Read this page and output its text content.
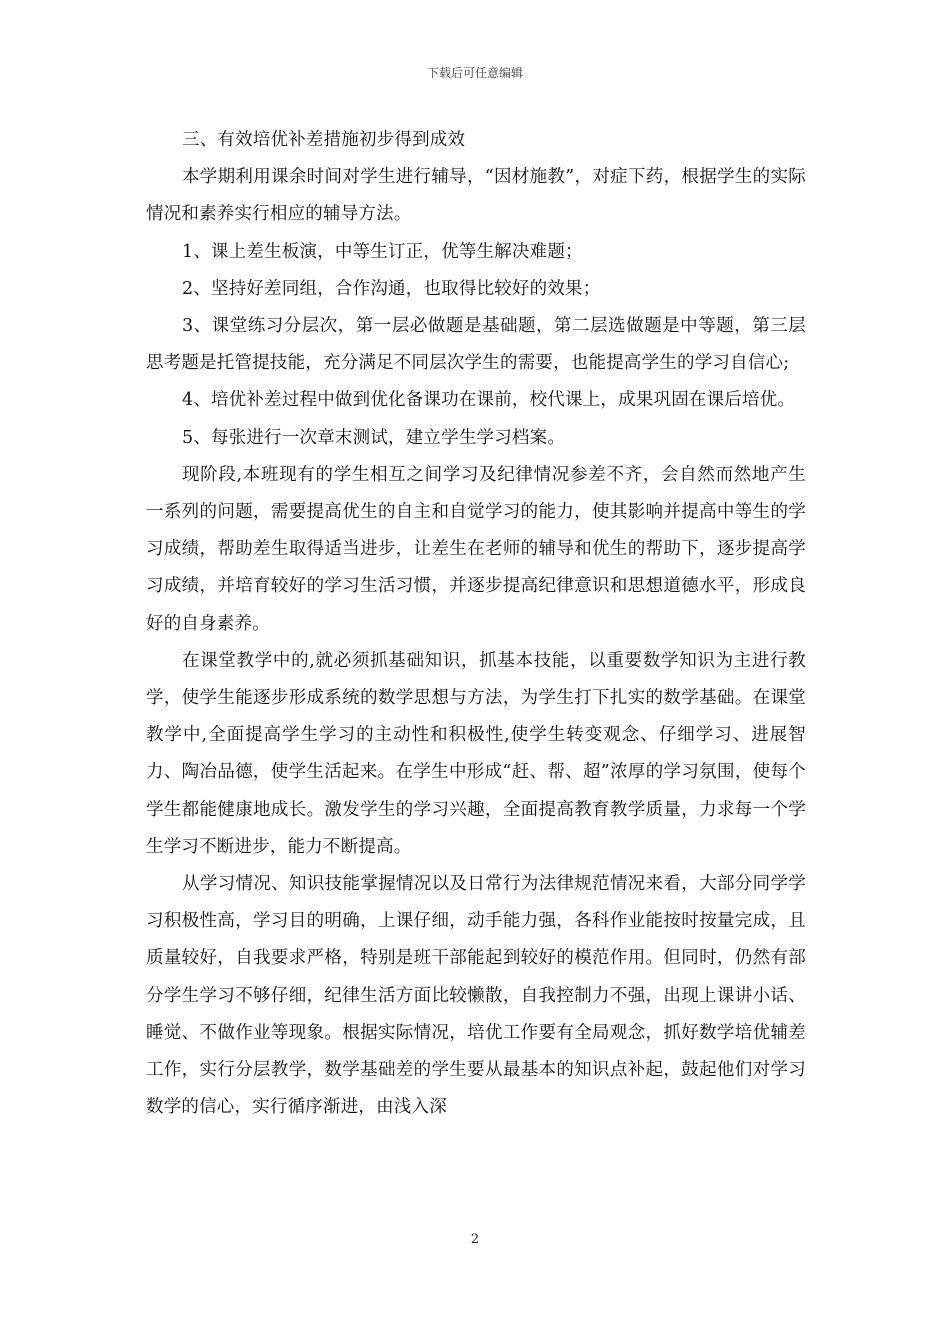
下载后可任意编辑

三、有效培优补差措施初步得到成效

本学期利用课余时间对学生进行辅导，“因材施教”，对症下药，根据学生的实际情况和素养实行相应的辅导方法。

1、课上差生板演，中等生订正，优等生解决难题；

2、坚持好差同组，合作沟通，也取得比较好的效果；

3、课堂练习分层次，第一层必做题是基础题，第二层选做题是中等题，第三层思考题是托管提技能，充分满足不同层次学生的需要，也能提高学生的学习自信心;

4、培优补差过程中做到优化备课功在课前，校代课上，成果巩固在课后培优。

5、每张进行一次章末测试，建立学生学习档案。

现阶段,本班现有的学生相互之间学习及纪律情况参差不齐，会自然而然地产生一系列的问题，需要提高优生的自主和自觉学习的能力，使其影响并提高中等生的学习成绩，帮助差生取得适当进步，让差生在老师的辅导和优生的帮助下，逐步提高学习成绩，并培育较好的学习生活习惯，并逐步提高纪律意识和思想道德水平，形成良好的自身素养。

在课堂教学中的,就必须抓基础知识，抓基本技能，以重要数学知识为主进行教学，使学生能逐步形成系统的数学思想与方法，为学生打下扎实的数学基础。在课堂教学中,全面提高学生学习的主动性和积极性,使学生转变观念、仔细学习、进展智力、陶冶品德，使学生活起来。在学生中形成“赶、帮、超”浓厚的学习氛围，使每个学生都能健康地成长。激发学生的学习兴趣，全面提高教育教学质量，力求每一个学生学习不断进步，能力不断提高。

从学习情况、知识技能掌握情况以及日常行为法律规范情况来看，大部分同学学习积极性高，学习目的明确，上课仔细，动手能力强，各科作业能按时按量完成，且质量较好，自我要求严格，特别是班干部能起到较好的模范作用。但同时，仍然有部分学生学习不够仔细，纪律生活方面比较懒散，自我控制力不强，出现上课讲小话、睡觉、不做作业等现象。根据实际情况，培优工作要有全局观念，抓好数学培优辅差工作，实行分层教学，数学基础差的学生要从最基本的知识点补起，鼓起他们对学习数学的信心，实行循序渐进，由浅入深

2
